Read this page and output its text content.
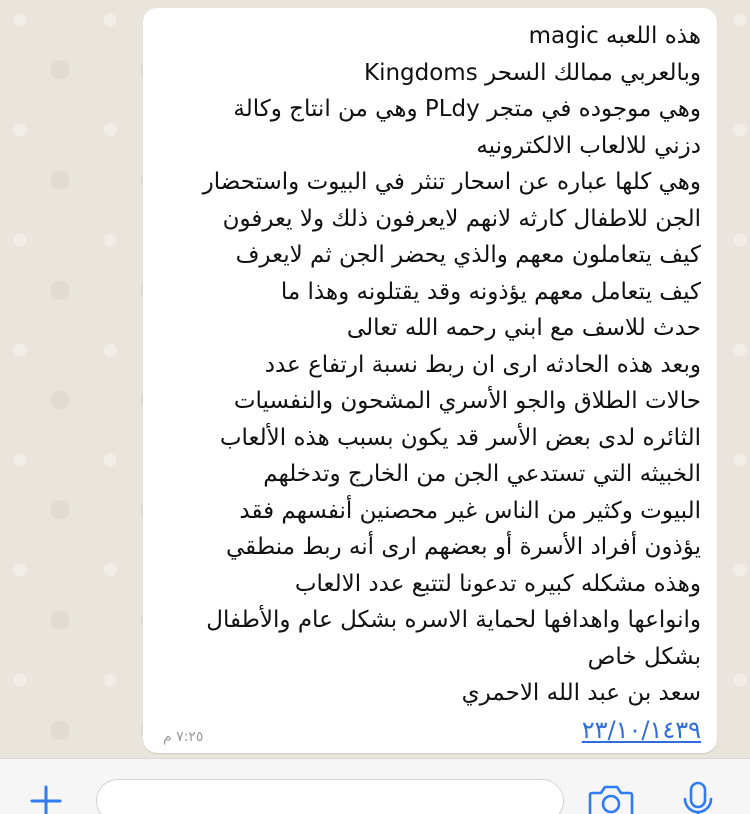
هذه اللعبه magic
وبالعربي ممالك السحر Kingdoms
وهي موجوده في متجر PLdy وهي من انتاج وكالة
دزني للالعاب الالكترونيه
وهي كلها عباره عن اسحار تنثر في البيوت واستحضار
الجن للاطفال كارثه لانهم لايعرفون ذلك ولا يعرفون
كيف يتعاملون معهم والذي يحضر الجن ثم لايعرف
كيف يتعامل معهم يؤذونه وقد يقتلونه وهذا ما
حدث للاسف مع ابني رحمه الله تعالى
وبعد هذه الحادثه ارى ان ربط نسبة ارتفاع عدد
حالات الطلاق والجو الأسري المشحون والنفسيات
الثائره لدى بعض الأسر قد يكون بسبب هذه الألعاب
الخبيثه التي تستدعي الجن من الخارج وتدخلهم
البيوت وكثير من الناس غير محصنين أنفسهم فقد
يؤذون أفراد الأسرة أو بعضهم ارى أنه ربط منطقي
وهذه مشكله كبيره تدعونا لتتبع عدد الالعاب
وانواعها واهدافها لحماية الاسره بشكل عام والأطفال
بشكل خاص
سعد بن عبد الله الاحمري
٢٣/١٠/١٤٣٩
٧:٢٥ م
